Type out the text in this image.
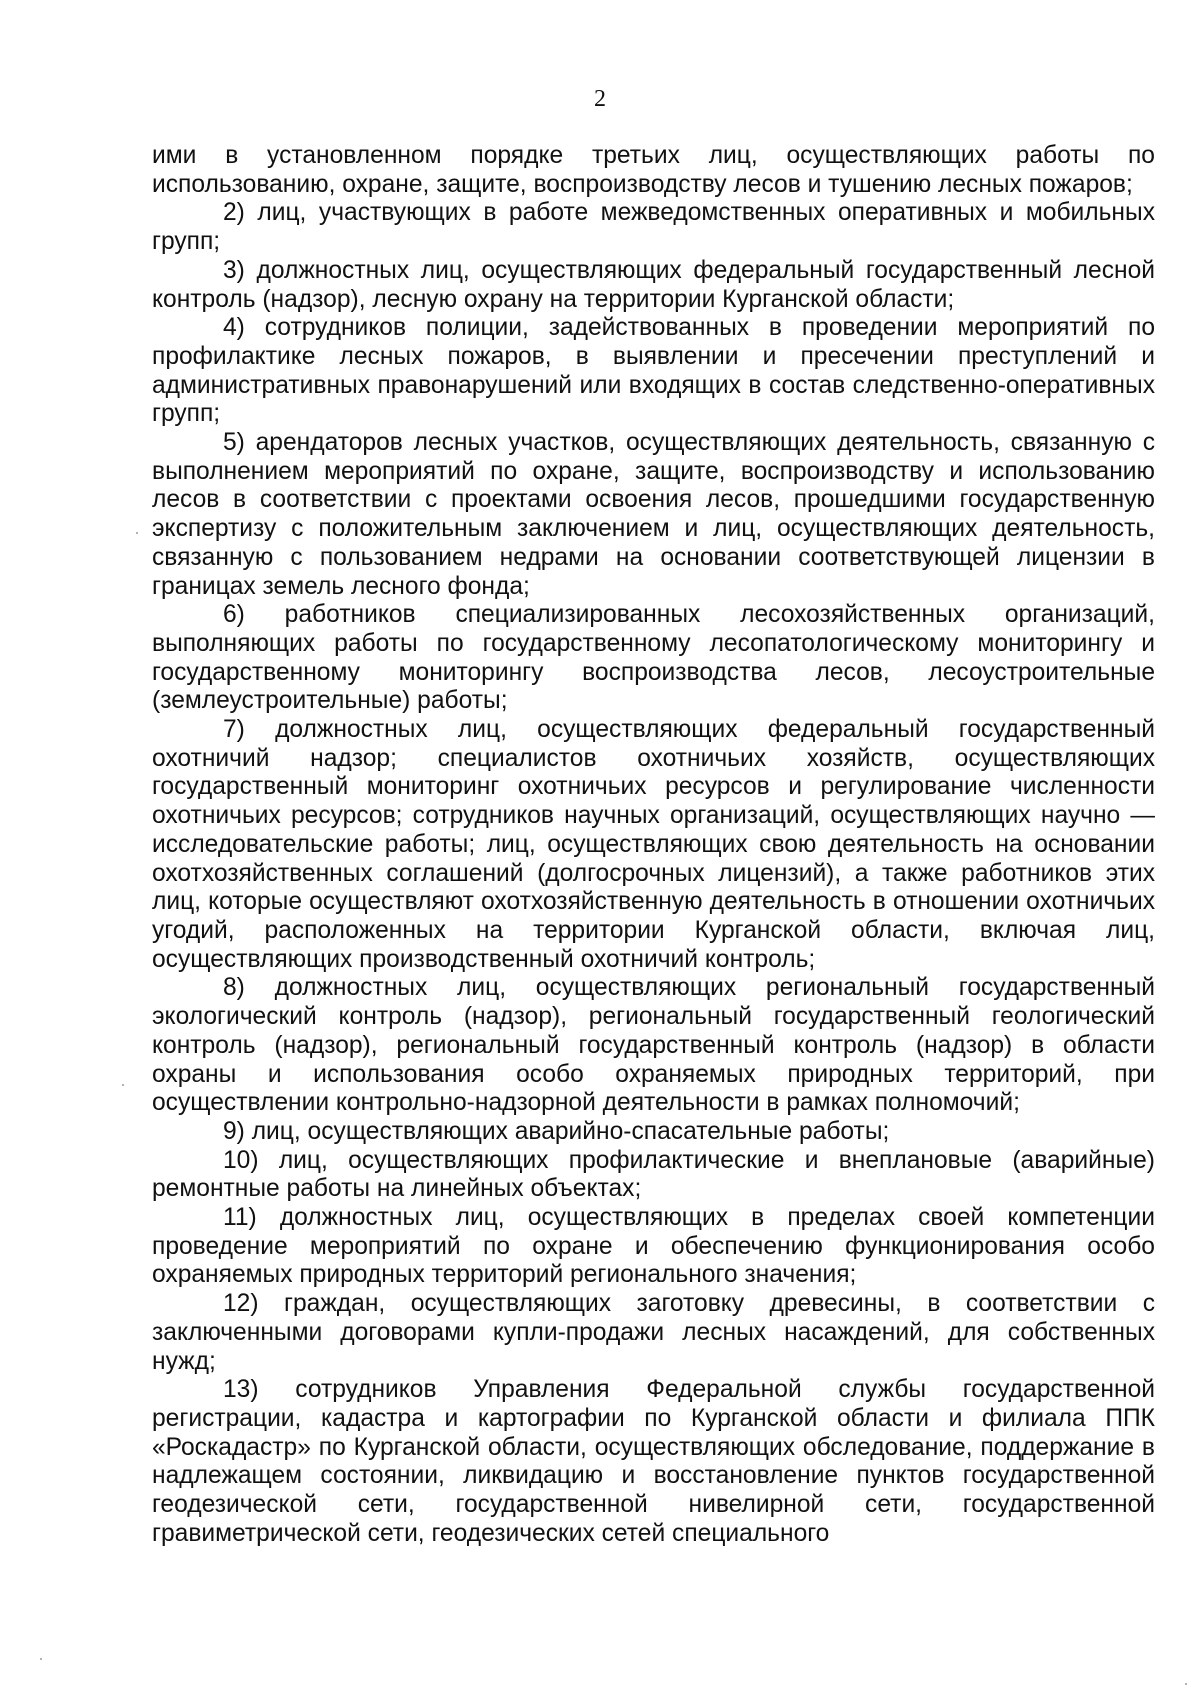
2

ими в установленном порядке третьих лиц, осуществляющих работы по использованию, охране, защите, воспроизводству лесов и тушению лесных пожаров;

2) лиц, участвующих в работе межведомственных оперативных и мобильных групп;

3) должностных лиц, осуществляющих федеральный государственный лесной контроль (надзор), лесную охрану на территории Курганской области;

4) сотрудников полиции, задействованных в проведении мероприятий по профилактике лесных пожаров, в выявлении и пресечении преступлений и административных правонарушений или входящих в состав следственно-оперативных групп;

5) арендаторов лесных участков, осуществляющих деятельность, связанную с выполнением мероприятий по охране, защите, воспроизводству и использованию лесов в соответствии с проектами освоения лесов, прошедшими государственную экспертизу с положительным заключением и лиц, осуществляющих деятельность, связанную с пользованием недрами на основании соответствующей лицензии в границах земель лесного фонда;

6) работников специализированных лесохозяйственных организаций, выполняющих работы по государственному лесопатологическому мониторингу и государственному мониторингу воспроизводства лесов, лесоустроительные (землеустроительные) работы;

7) должностных лиц, осуществляющих федеральный государственный охотничий надзор; специалистов охотничьих хозяйств, осуществляющих государственный мониторинг охотничьих ресурсов и регулирование численности охотничьих ресурсов; сотрудников научных организаций, осуществляющих научно — исследовательские работы; лиц, осуществляющих свою деятельность на основании охотхозяйственных соглашений (долгосрочных лицензий), а также работников этих лиц, которые осуществляют охотхозяйственную деятельность в отношении охотничьих угодий, расположенных на территории Курганской области, включая лиц, осуществляющих производственный охотничий контроль;

8) должностных лиц, осуществляющих региональный государственный экологический контроль (надзор), региональный государственный геологический контроль (надзор), региональный государственный контроль (надзор) в области охраны и использования особо охраняемых природных территорий, при осуществлении контрольно-надзорной деятельности в рамках полномочий;

9) лиц, осуществляющих аварийно-спасательные работы;

10) лиц, осуществляющих профилактические и внеплановые (аварийные) ремонтные работы на линейных объектах;

11) должностных лиц, осуществляющих в пределах своей компетенции проведение мероприятий по охране и обеспечению функционирования особо охраняемых природных территорий регионального значения;

12) граждан, осуществляющих заготовку древесины, в соответствии с заключенными договорами купли-продажи лесных насаждений, для собственных нужд;

13) сотрудников Управления Федеральной службы государственной регистрации, кадастра и картографии по Курганской области и филиала ППК «Роскадастр» по Курганской области, осуществляющих обследование, поддержание в надлежащем состоянии, ликвидацию и восстановление пунктов государственной геодезической сети, государственной нивелирной сети, государственной гравиметрической сети, геодезических сетей специального
